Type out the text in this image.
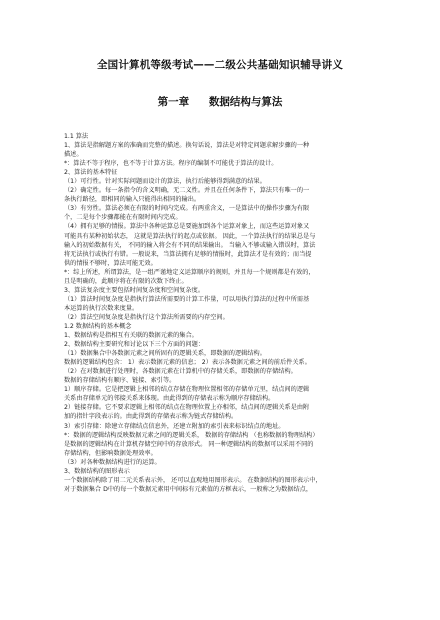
全国计算机等级考试——二级公共基础知识辅导讲义
第一章 数据结构与算法
1.1 算法
1、算法是指解题方案的准确而完整的描述。换句话说，算法是对特定问题求解步骤的一种
描述。
*：算法不等于程序，也不等于计算方法。程序的编制不可能优于算法的设计。
2、算法的基本特征
（1）可行性。针对实际问题而设计的算法，执行后能够得到满意的结果。
（2）确定性。每一条指令的含义明确，无二义性。并且在任何条件下，算法只有唯一的一
条执行路径，即相同的输入只能得出相同的输出。
（3）有穷性。算法必须在有限的时间内完成。有两重含义，一是算法中的操作步骤为有限
个，二是每个步骤都能在有限时间内完成。
（4）拥有足够的情报。算法中各种运算总是要施加到各个运算对象上，而这些运算对象又
可能具有某种初始状态， 这就是算法执行的起点或依据。 因此，一个算法执行的结果总是与
输入的初始数据有关， 不同的输入将会有不同的结果输出。 当输入不够或输入错误时，算法
将无法执行或执行有错。一般说来，当算法拥有足够的情报时，此算法才是有效的；而当提
供的情报不够时，算法可能无效。
*：综上所述，所谓算法，是一组严谨地定义运算顺序的规则，并且每一个规则都是有效的，
且是明确的，此顺序将在有限的次数下终止。
3、算法复杂度主要包括时间复杂度和空间复杂度。
（1）算法时间复杂度是指执行算法所需要的计算工作量，可以用执行算法的过程中所需基
本运算的执行次数来度量。
（2）算法空间复杂度是指执行这个算法所需要的内存空间。
1.2 数据结构的基本概念
1、数据结构是指相互有关联的数据元素的集合。
2、数据结构主要研究和讨论以下三个方面的问题：
（1）数据集合中各数据元素之间所固有的逻辑关系，即数据的逻辑结构。
数据的逻辑结构包含： 1）表示数据元素的信息； 2）表示各数据元素之间的前后件关系。
（2）在对数据进行处理时，各数据元素在计算机中的存储关系，即数据的存储结构。
数据的存储结构有顺序、链接、索引等。
1）顺序存储。它是把逻辑上相邻的结点存储在物理位置相邻的存储单元里，结点间的逻辑
关系由存储单元的邻接关系来体现。由此得到的存储表示称为顺序存储结构。
2）链接存储。它不要求逻辑上相邻的结点在物理位置上亦相邻，结点间的逻辑关系是由附
加的指针字段表示的。由此得到的存储表示称为链式存储结构。
3）索引存储：除建立存储结点信息外，还建立附加的索引表来标识结点的地址。
*：数据的逻辑结构反映数据元素之间的逻辑关系， 数据的存储结构 （也称数据的物理结构）
是数据的逻辑结构在计算机存储空间中的存放形式。 同一种逻辑结构的数据可以采用不同的
存储结构，但影响数据处理效率。
（3）对各种数据结构进行的运算。
3、数据结构的图形表示
一个数据结构除了用二元关系表示外， 还可以直观地用图形表示。 在数据结构的图形表示中，
对于数据集合 D中的每一个数据元素用中间标有元素值的方框表示，一般称之为数据结点，
